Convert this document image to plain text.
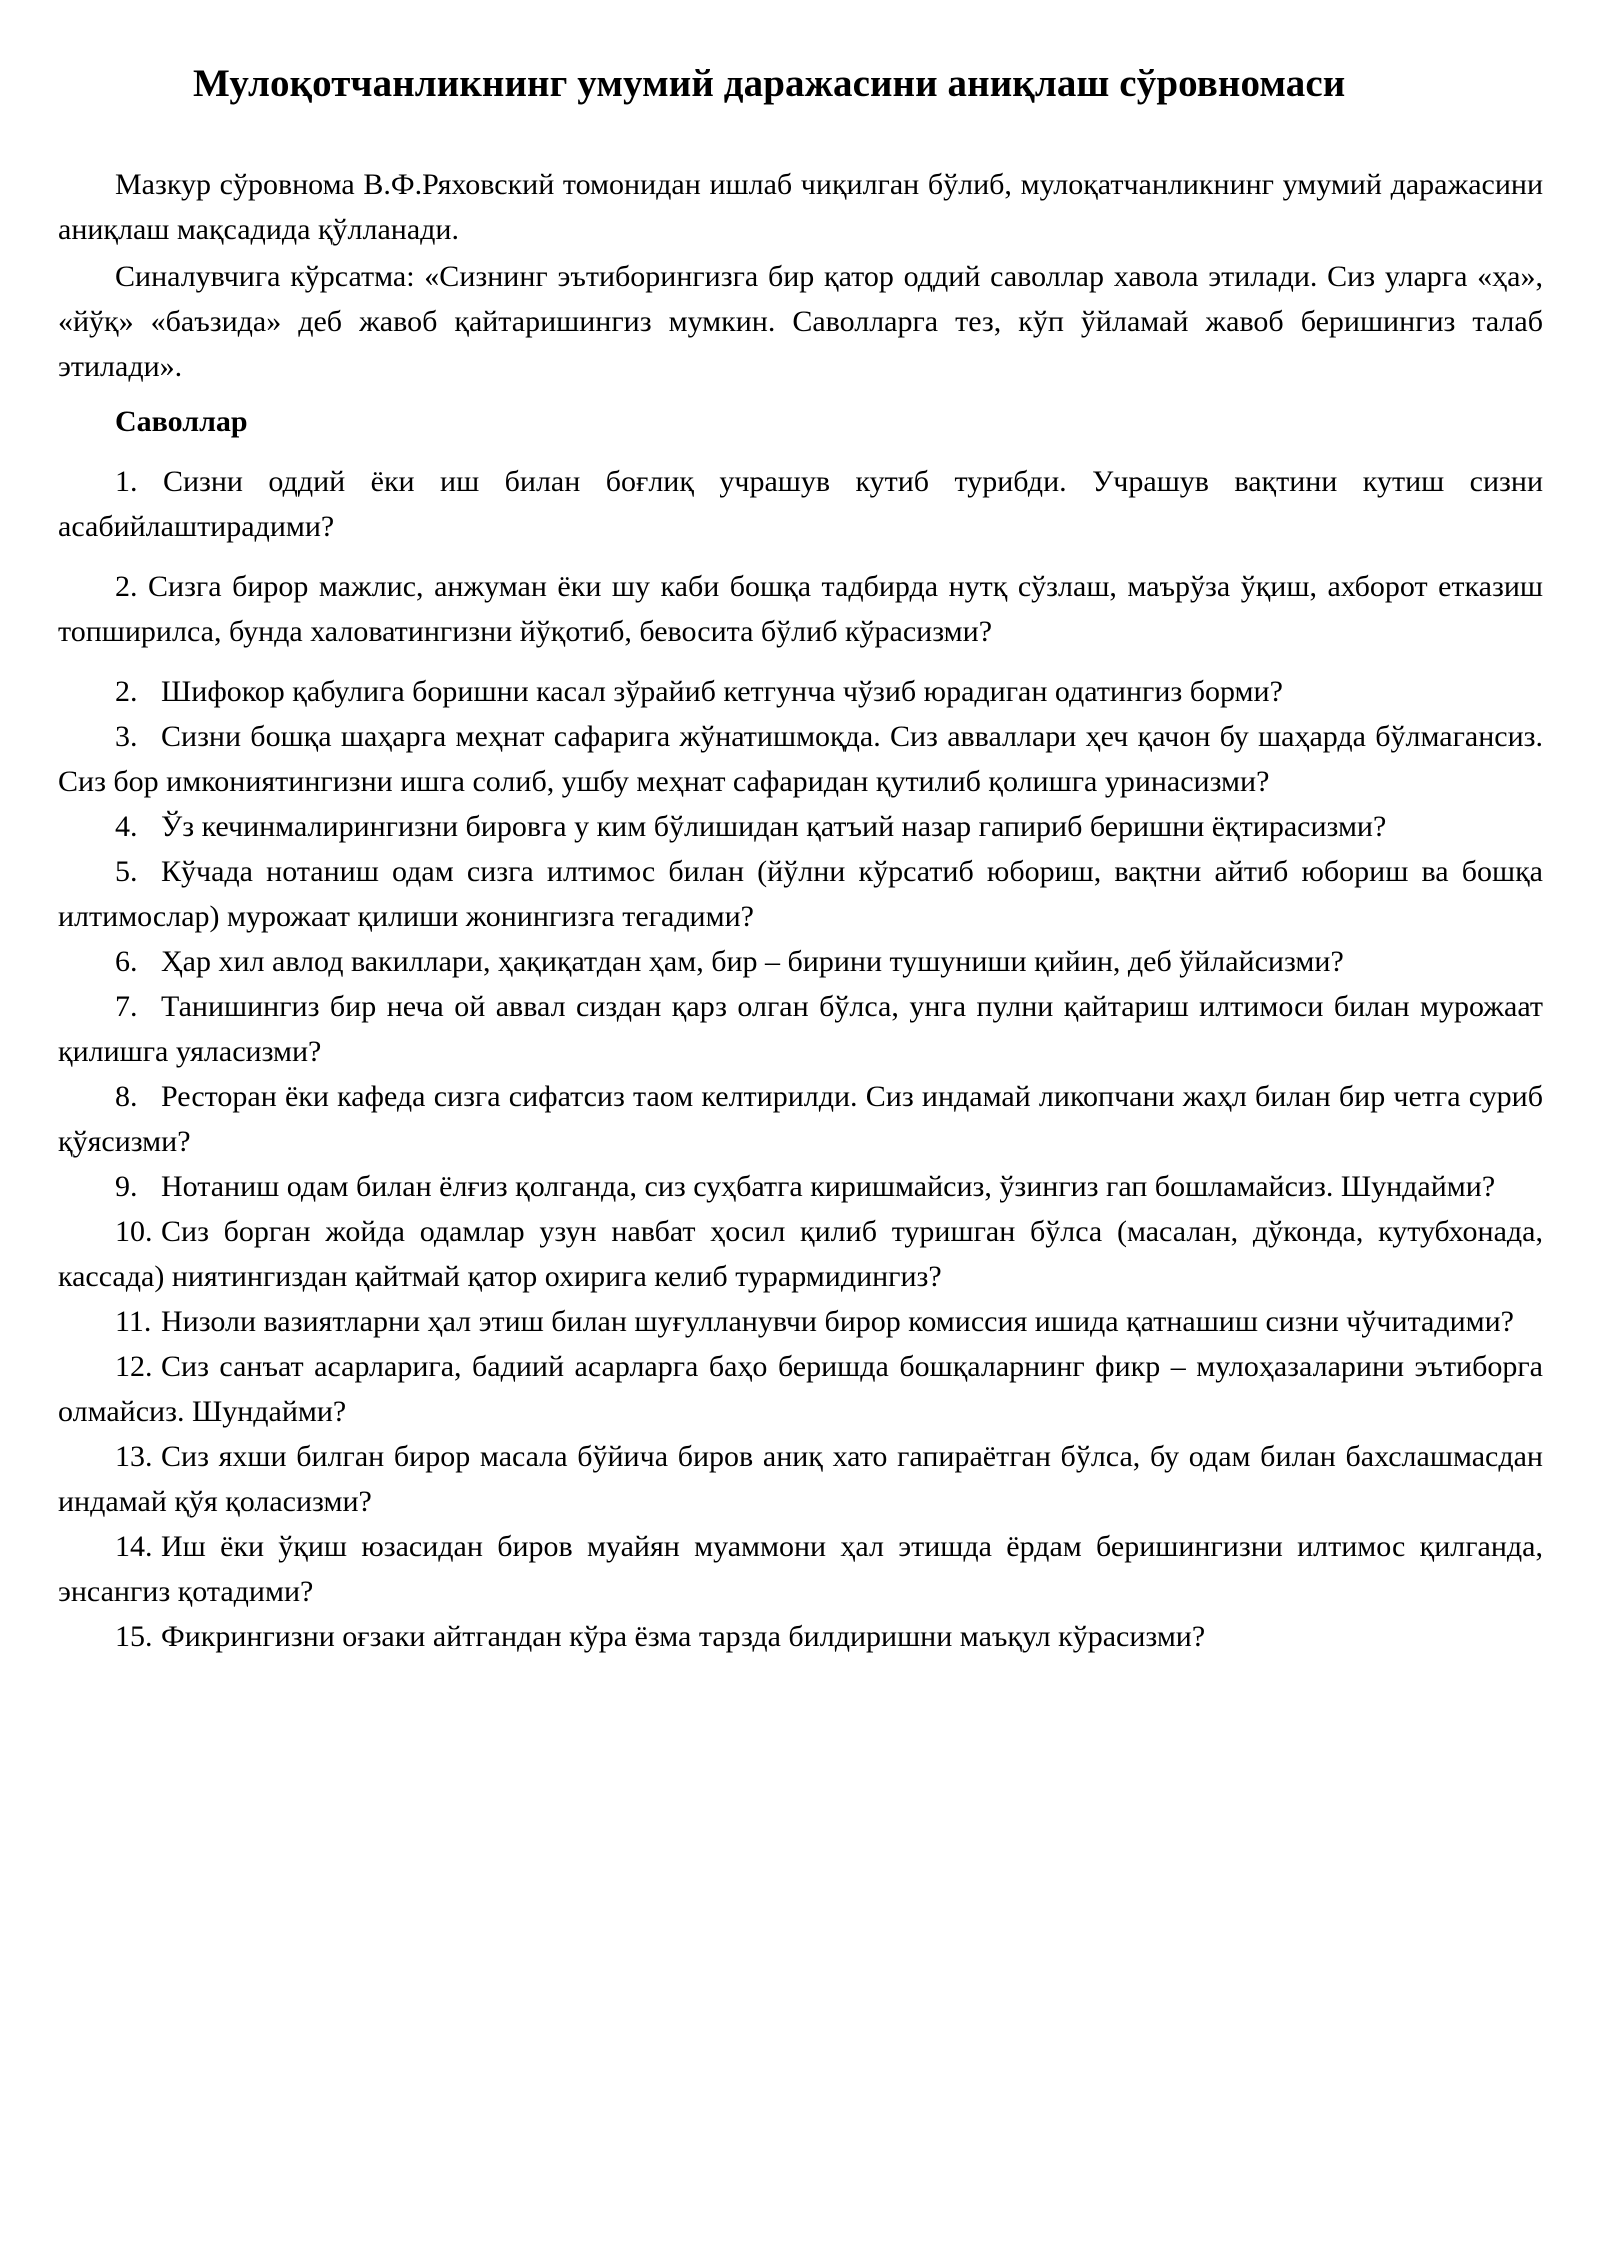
Мулоқотчанликнинг умумий даражасини аниқлаш сўровномаси

Мазкур сўровнома В.Ф.Ряховский томонидан ишлаб чиқилган бўлиб, мулоқатчанликнинг умумий даражасини аниқлаш мақсадида қўлланади.

Синалувчига кўрсатма: «Сизнинг эътиборингизга бир қатор оддий саволлар хавола этилади. Сиз уларга «ҳа», «йўқ» «баъзида» деб жавоб қайтаришингиз мумкин. Саволларга тез, кўп ўйламай жавоб беришингиз талаб этилади».

Саволлар
1. Сизни оддий ёки иш билан боғлиқ учрашув кутиб турибди. Учрашув вақтини кутиш сизни асабийлаштирадими?
2. Сизга бирор мажлис, анжуман ёки шу каби бошқа тадбирда нутқ сўзлаш, маърўза ўқиш, ахборот етказиш топширилса, бунда халоватингизни йўқотиб, бевосита бўлиб кўрасизми?
2. Шифокор қабулига боришни касал зўрайиб кетгунча чўзиб юрадиган одатингиз борми?
3. Сизни бошқа шаҳарга меҳнат сафарига жўнатишмоқда. Сиз авваллари ҳеч қачон бу шаҳарда бўлмагансиз. Сиз бор имкониятингизни ишга солиб, ушбу меҳнат сафаридан қутилиб қолишга уринасизми?
4. Ўз кечинмалирингизни бировга у ким бўлишидан қатъий назар гапириб беришни ёқтирасизми?
5. Кўчада нотаниш одам сизга илтимос билан (йўлни кўрсатиб юбориш, вақтни айтиб юбориш ва бошқа илтимослар) мурожаат қилиши жонингизга тегадими?
6. Ҳар хил авлод вакиллари, ҳақиқатдан ҳам, бир – бирини тушуниши қийин, деб ўйлайсизми?
7. Танишингиз бир неча ой аввал сиздан қарз олган бўлса, унга пулни қайтариш илтимоси билан мурожаат қилишга уяласизми?
8. Ресторан ёки кафеда сизга сифатсиз таом келтирилди. Сиз индамай ликопчани жаҳл билан бир четга суриб қўясизми?
9. Нотаниш одам билан ёлғиз қолганда, сиз суҳбатга киришмайсиз, ўзингиз гап бошламайсиз. Шундайми?
10. Сиз борган жойда одамлар узун навбат ҳосил қилиб туришган бўлса (масалан, дўконда, кутубхонада, кассада) ниятингиздан қайтмай қатор охирига келиб турармидингиз?
11. Низоли вазиятларни ҳал этиш билан шуғулланувчи бирор комиссия ишида қатнашиш сизни чўчитадими?
12. Сиз санъат асарларига, бадиий асарларга баҳо беришда бошқаларнинг фикр – мулоҳазаларини эътиборга олмайсиз. Шундайми?
13. Сиз яхши билган бирор масала бўйича биров аниқ хато гапираётган бўлса, бу одам билан бахслашмасдан индамай қўя қоласизми?
14. Иш ёки ўқиш юзасидан биров муайян муаммони ҳал этишда ёрдам беришингизни илтимос қилганда, энсангиз қотадими?
15. Фикрингизни оғзаки айтгандан кўра ёзма тарзда билдиришни маъқул кўрасизми?
